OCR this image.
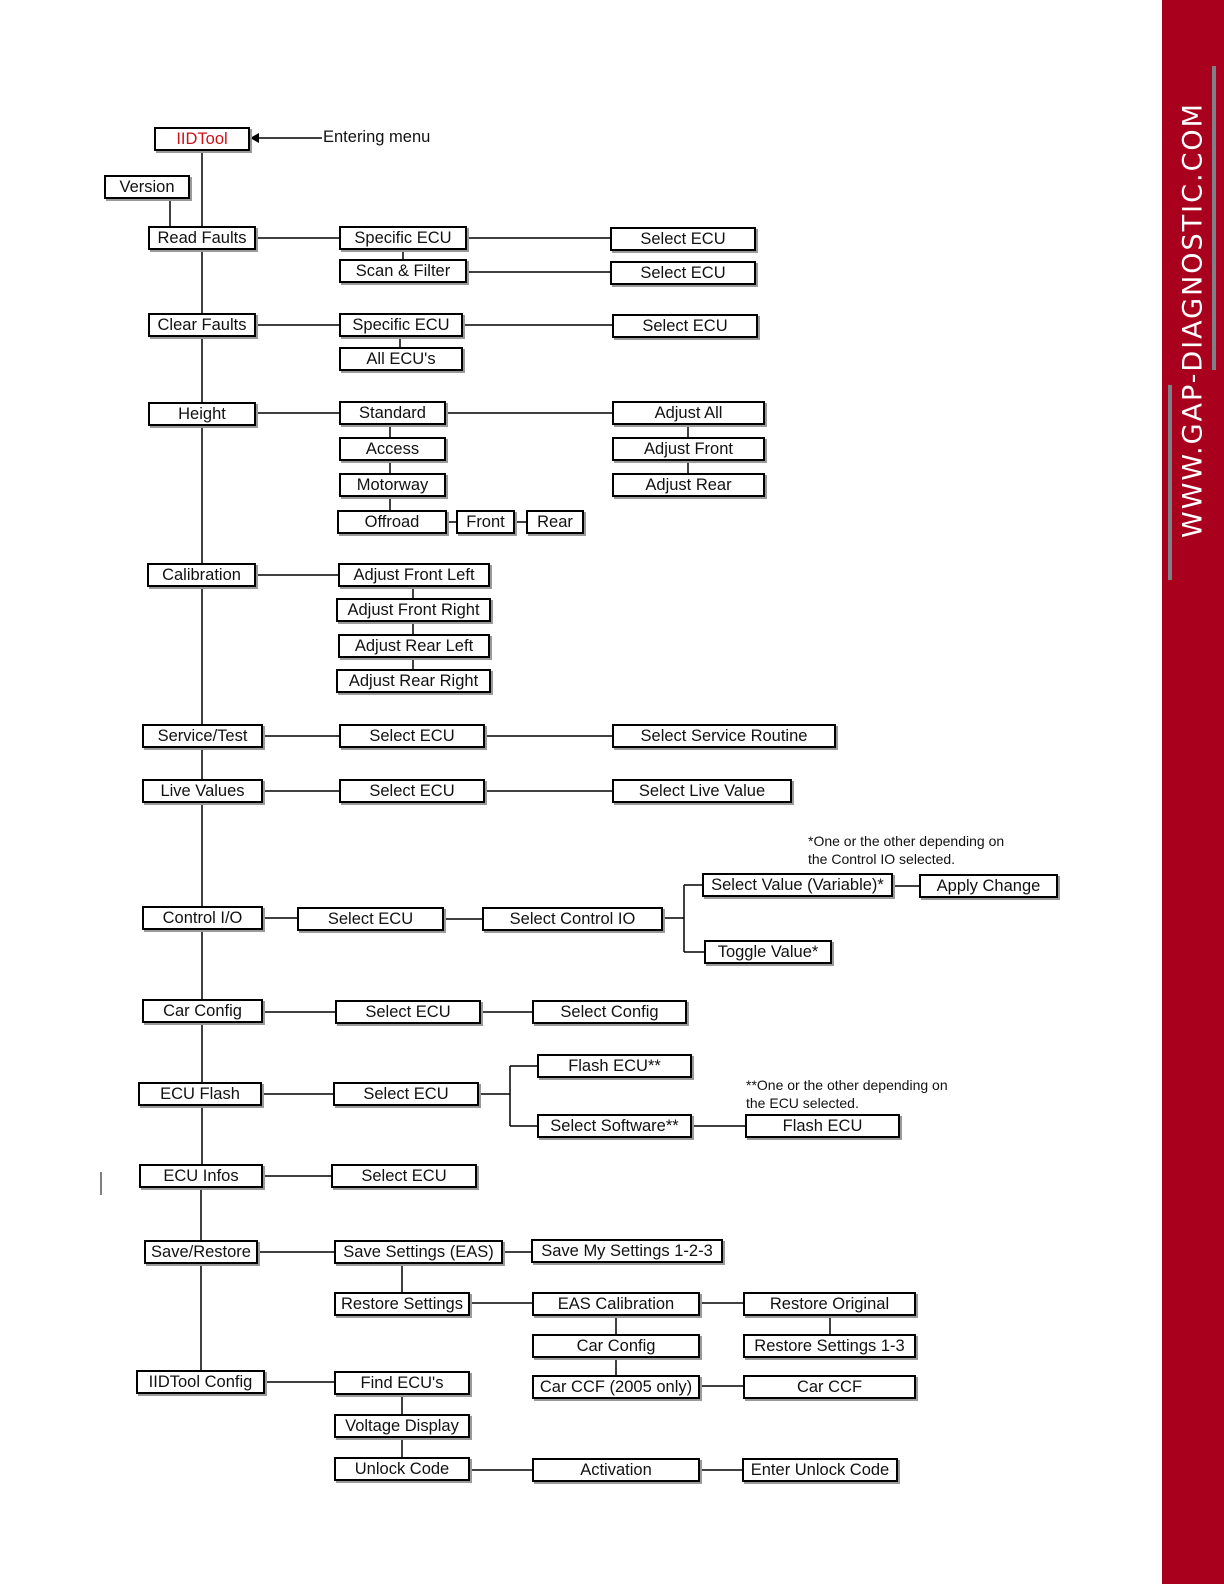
IIDTool	Entering menu
Version
Read Faults	Specific ECU
Scan & Filter
Select ECU
Select ECU
Clear Faults	Specific ECU
All ECU's
Select ECU
Height	Standard
Access
Motorway
Offroad	Front	Rear
Adjust All
Adjust Front
Adjust Rear
Calibration	Adjust Front Left
Adjust Front Right
Adjust Rear Left
Adjust Rear Right
Service/Test	Select ECU	Select Service Routine
Live Values	Select ECU	Select Live Value
*One or the other depending on
the Control IO selected.
Control I/O	Select ECU	Select Control IO
Select Value (Variable)*	Apply Change
Toggle Value*
Car Config	Select ECU	Select Config
ECU Flash	Select ECU
Flash ECU**
**One or the other depending on
the ECU selected.
Select Software**	Flash ECU
ECU Infos	Select ECU
Save/Restore	Save Settings (EAS)	Save My Settings 1-2-3
Restore Settings	EAS Calibration	Restore Original
Car Config	Restore Settings 1-3
Car CCF (2005 only)	Car CCF
IIDTool Config	Find ECU's
Voltage Display
Unlock Code	Activation	Enter Unlock Code
WWW.GAP-DIAGNOSTIC.COM
